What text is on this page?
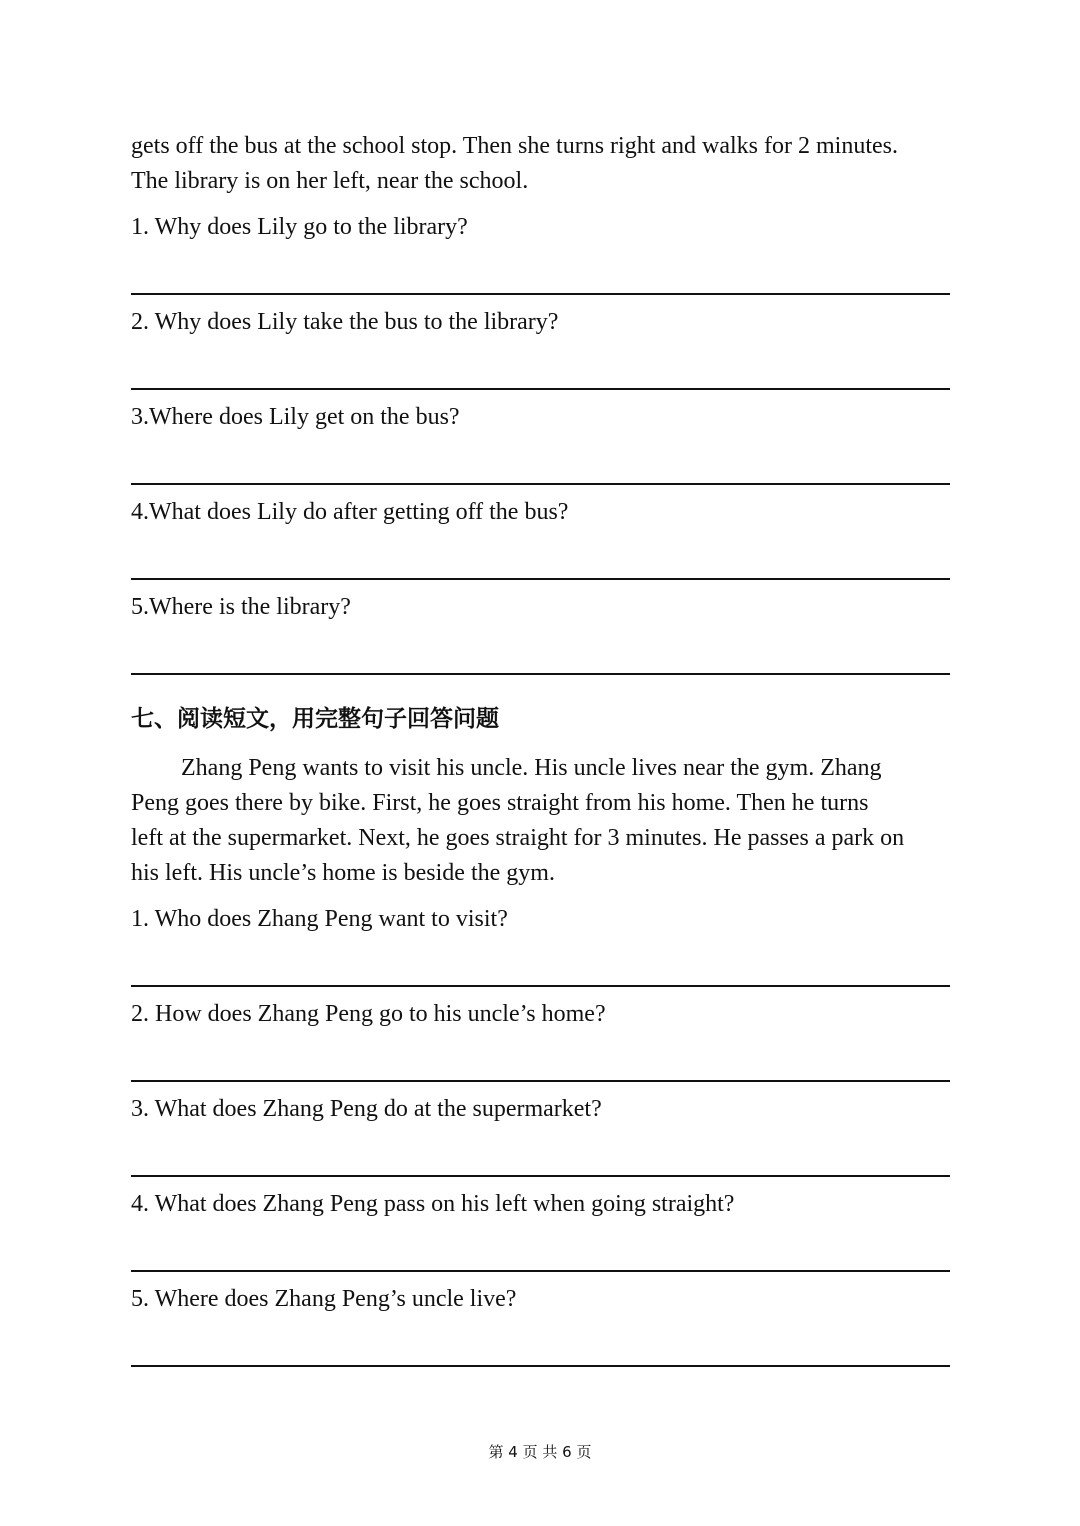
gets off the bus at the school stop. Then she turns right and walks for 2 minutes.
The library is on her left, near the school.

1. Why does Lily go to the library?

2. Why does Lily take the bus to the library?

3.Where does Lily get on the bus?

4.What does Lily do after getting off the bus?

5.Where is the library?

七、阅读短文，用完整句子回答问题

Zhang Peng wants to visit his uncle. His uncle lives near the gym. Zhang
Peng goes there by bike. First, he goes straight from his home. Then he turns
left at the supermarket. Next, he goes straight for 3 minutes. He passes a park on
his left. His uncle’s home is beside the gym.

1. Who does Zhang Peng want to visit?

2. How does Zhang Peng go to his uncle’s home?

3. What does Zhang Peng do at the supermarket?

4. What does Zhang Peng pass on his left when going straight?

5. Where does Zhang Peng’s uncle live?

第 4 页 共 6 页
